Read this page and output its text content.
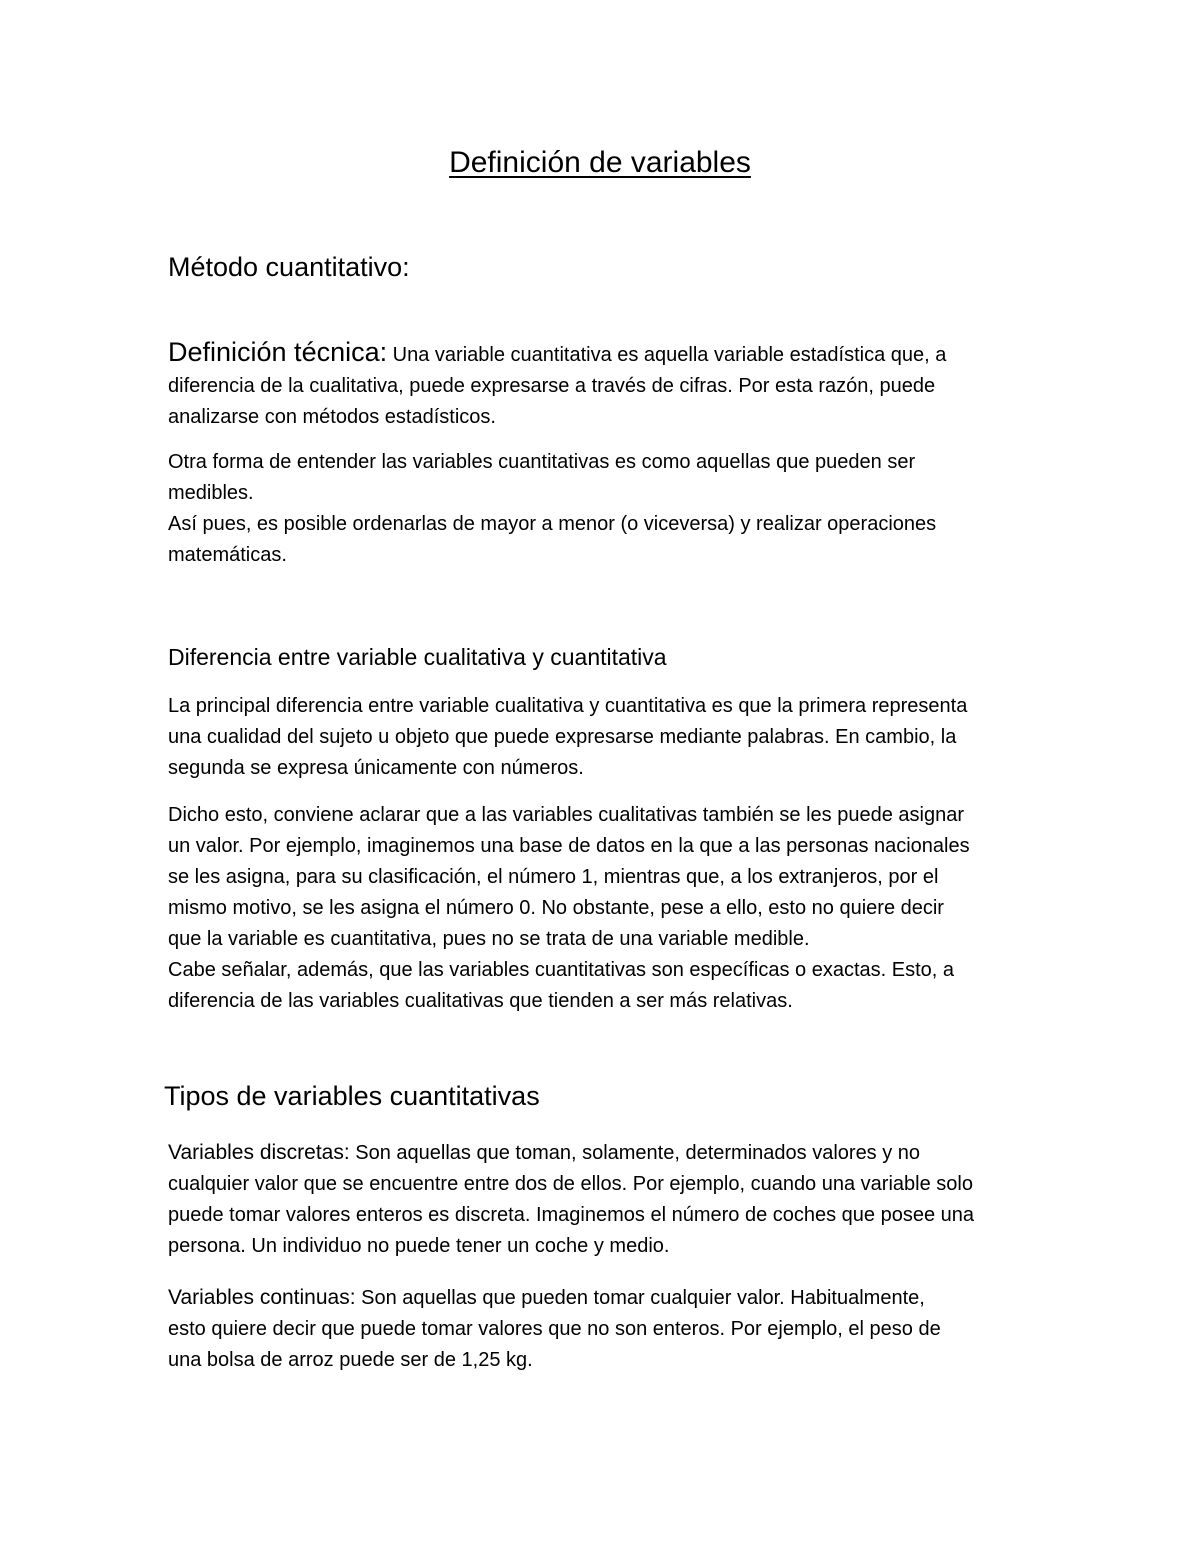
Definición de variables
Método cuantitativo:
Definición técnica: Una variable cuantitativa es aquella variable estadística que, a
diferencia de la cualitativa, puede expresarse a través de cifras. Por esta razón, puede
analizarse con métodos estadísticos.
Otra forma de entender las variables cuantitativas es como aquellas que pueden ser
medibles.
Así pues, es posible ordenarlas de mayor a menor (o viceversa) y realizar operaciones
matemáticas.
Diferencia entre variable cualitativa y cuantitativa
La principal diferencia entre variable cualitativa y cuantitativa es que la primera representa
una cualidad del sujeto u objeto que puede expresarse mediante palabras. En cambio, la
segunda se expresa únicamente con números.
Dicho esto, conviene aclarar que a las variables cualitativas también se les puede asignar
un valor. Por ejemplo, imaginemos una base de datos en la que a las personas nacionales
se les asigna, para su clasificación, el número 1, mientras que, a los extranjeros, por el
mismo motivo, se les asigna el número 0. No obstante, pese a ello, esto no quiere decir
que la variable es cuantitativa, pues no se trata de una variable medible.
Cabe señalar, además, que las variables cuantitativas son específicas o exactas. Esto, a
diferencia de las variables cualitativas que tienden a ser más relativas.
Tipos de variables cuantitativas
Variables discretas: Son aquellas que toman, solamente, determinados valores y no
cualquier valor que se encuentre entre dos de ellos. Por ejemplo, cuando una variable solo
puede tomar valores enteros es discreta. Imaginemos el número de coches que posee una
persona. Un individuo no puede tener un coche y medio.
Variables continuas: Son aquellas que pueden tomar cualquier valor. Habitualmente,
esto quiere decir que puede tomar valores que no son enteros. Por ejemplo, el peso de
una bolsa de arroz puede ser de 1,25 kg.
